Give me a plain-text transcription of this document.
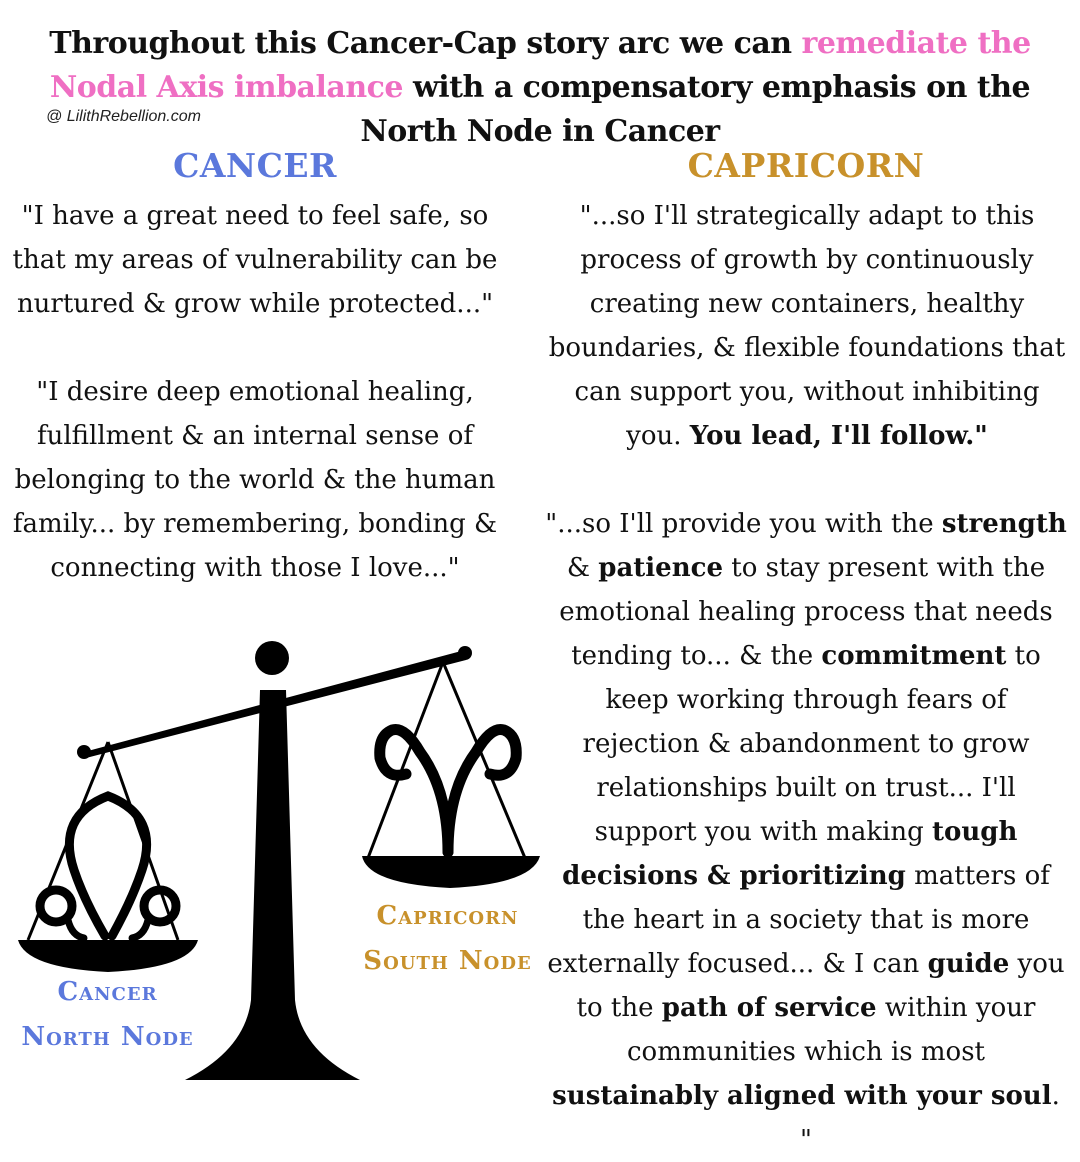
Throughout this Cancer-Cap story arc we can remediate the Nodal Axis imbalance with a compensatory emphasis on the North Node in Cancer
@ LilithRebellion.com
CANCER

"I have a great need to feel safe, so that my areas of vulnerability can be nurtured & grow while protected..."

"I desire deep emotional healing, fulfillment & an internal sense of belonging to the world & the human family... by remembering, bonding & connecting with those I love..."

CAPRICORN

"...so I'll strategically adapt to this process of growth by continuously creating new containers, healthy boundaries, & flexible foundations that can support you, without inhibiting you. You lead, I'll follow."

"...so I'll provide you with the strength & patience to stay present with the emotional healing process that needs tending to... & the commitment to keep working through fears of rejection & abandonment to grow relationships built on trust... I'll support you with making tough decisions & prioritizing matters of the heart in a society that is more externally focused... & I can guide you to the path of service within your communities which is most sustainably aligned with your soul. "

Cancer
North Node
Capricorn
South Node
